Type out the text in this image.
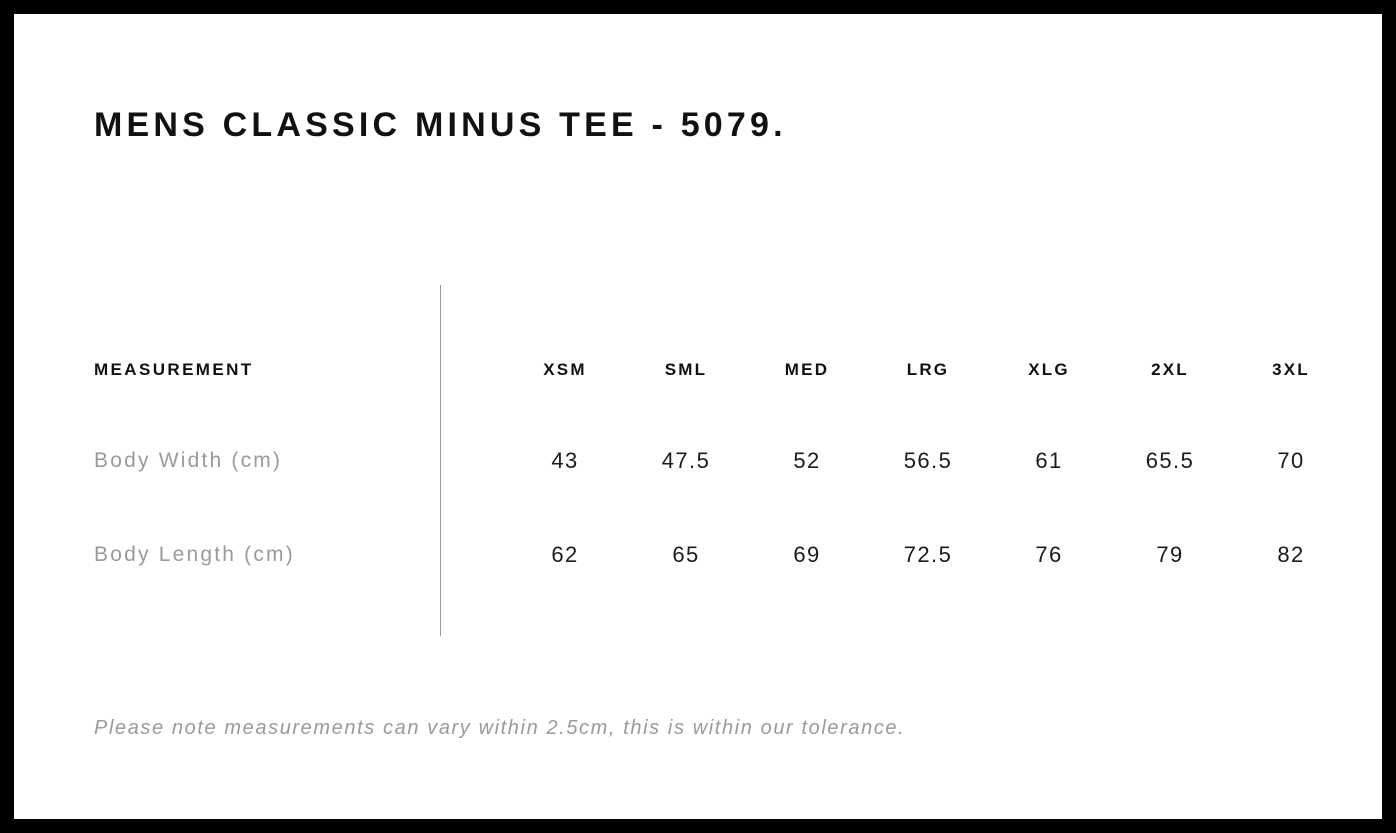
MENS CLASSIC MINUS TEE - 5079.
MEASUREMENT	XSM	SML	MED	LRG	XLG	2XL	3XL
Body Width (cm)	43	47.5	52	56.5	61	65.5	70
Body Length (cm)	62	65	69	72.5	76	79	82
Please note measurements can vary within 2.5cm, this is within our tolerance.
